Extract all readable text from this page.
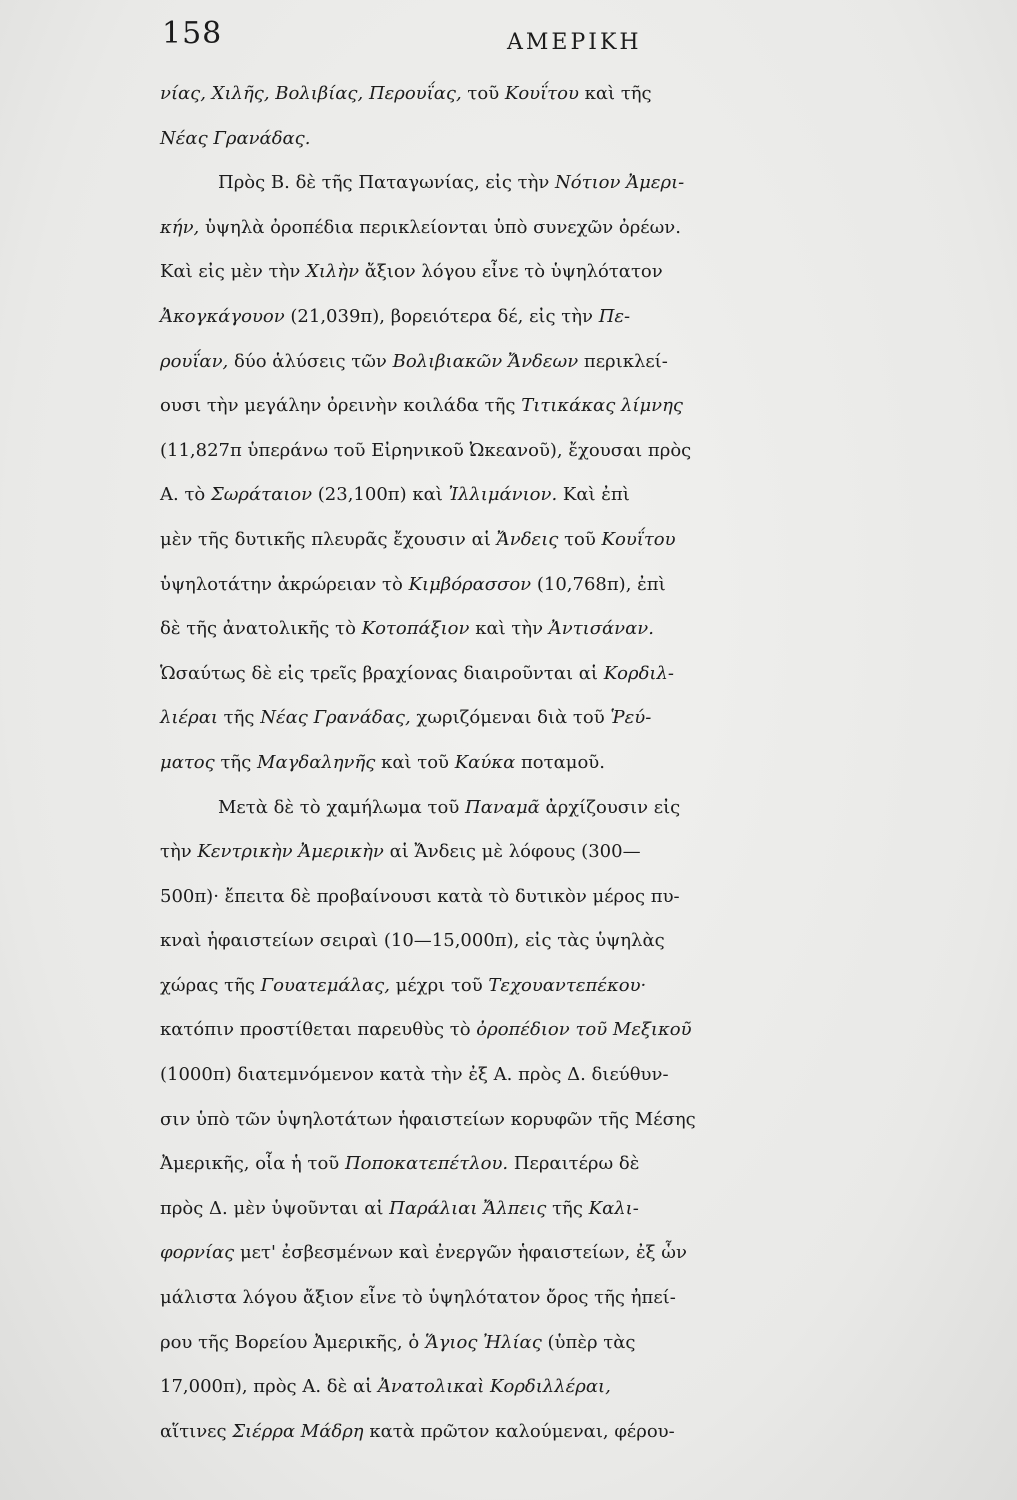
158	ΑΜΕΡΙΚΗ
νίας, Χιλῆς, Βολιβίας, Περουΐας, τοῦ Κουΐτου καὶ τῆς
Νέας Γρανάδας.
Πρὸς Β. δὲ τῆς Παταγωνίας, εἰς τὴν Νότιον Ἀμερι-
κήν, ὑψηλὰ ὀροπέδια περικλείονται ὑπὸ συνεχῶν ὀρέων.
Καὶ εἰς μὲν τὴν Χιλὴν ἄξιον λόγου εἶνε τὸ ὑψηλότατον
Ἀκογκάγουον (21,039π), βορειότερα δέ, εἰς τὴν Πε-
ρουΐαν, δύο ἁλύσεις τῶν Βολιβιακῶν Ἄνδεων περικλεί-
ουσι τὴν μεγάλην ὀρεινὴν κοιλάδα τῆς Τιτικάκας λίμνης
(11,827π ὑπεράνω τοῦ Εἰρηνικοῦ Ὠκεανοῦ), ἔχουσαι πρὸς
Α. τὸ Σωράταιον (23,100π) καὶ Ἰλλιμάνιον. Καὶ ἐπὶ
μὲν τῆς δυτικῆς πλευρᾶς ἔχουσιν αἱ Ἄνδεις τοῦ Κουΐτου
ὑψηλοτάτην ἀκρώρειαν τὸ Κιμβόρασσον (10,768π), ἐπὶ
δὲ τῆς ἀνατολικῆς τὸ Κοτοπάξιον καὶ τὴν Ἀντισάναν.
Ὡσαύτως δὲ εἰς τρεῖς βραχίονας διαιροῦνται αἱ Κορδιλ-
λιέραι τῆς Νέας Γρανάδας, χωριζόμεναι διὰ τοῦ Ῥεύ-
ματος τῆς Μαγδαληνῆς καὶ τοῦ Καύκα ποταμοῦ.
Μετὰ δὲ τὸ χαμήλωμα τοῦ Παναμᾶ ἀρχίζουσιν εἰς
τὴν Κεντρικὴν Ἀμερικὴν αἱ Ἄνδεις μὲ λόφους (300—
500π)· ἔπειτα δὲ προβαίνουσι κατὰ τὸ δυτικὸν μέρος πυ-
κναὶ ἡφαιστείων σειραὶ (10—15,000π), εἰς τὰς ὑψηλὰς
χώρας τῆς Γουατεμάλας, μέχρι τοῦ Τεχουαντεπέκου·
κατόπιν προστίθεται παρευθὺς τὸ ὀροπέδιον τοῦ Μεξικοῦ
(1000π) διατεμνόμενον κατὰ τὴν ἐξ Α. πρὸς Δ. διεύθυν-
σιν ὑπὸ τῶν ὑψηλοτάτων ἡφαιστείων κορυφῶν τῆς Μέσης
Ἀμερικῆς, οἷα ἡ τοῦ Ποποκατεπέτλου. Περαιτέρω δὲ
πρὸς Δ. μὲν ὑψοῦνται αἱ Παράλιαι Ἄλπεις τῆς Καλι-
φορνίας μετ' ἐσβεσμένων καὶ ἐνεργῶν ἡφαιστείων, ἐξ ὧν
μάλιστα λόγου ἄξιον εἶνε τὸ ὑψηλότατον ὄρος τῆς ἠπεί-
ρου τῆς Βορείου Ἀμερικῆς, ὁ Ἅγιος Ἠλίας (ὑπὲρ τὰς
17,000π), πρὸς Α. δὲ αἱ Ἀνατολικαὶ Κορδιλλέραι,
αἵτινες Σιέρρα Μάδρη κατὰ πρῶτον καλούμεναι, φέρου-
